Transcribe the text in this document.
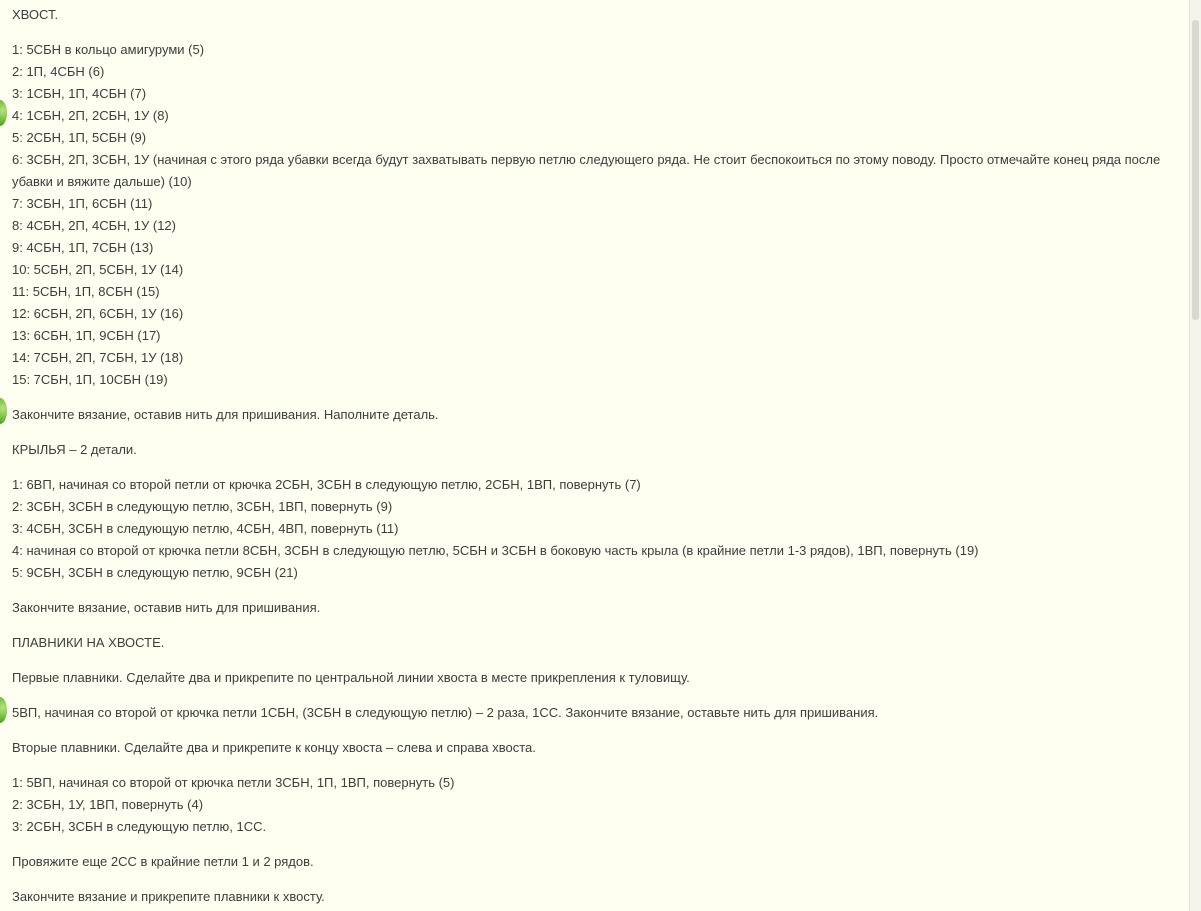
ХВОСТ.

1: 5СБН в кольцо амигуруми (5)

2: 1П, 4СБН (6)

3: 1СБН, 1П, 4СБН (7)

4: 1СБН, 2П, 2СБН, 1У (8)

5: 2СБН, 1П, 5СБН (9)

6: 3СБН, 2П, 3СБН, 1У (начиная с этого ряда убавки всегда будут захватывать первую петлю следующего ряда. Не стоит беспокоиться по этому поводу. Просто отмечайте конец ряда после убавки и вяжите дальше) (10)

7: 3СБН, 1П, 6СБН (11)

8: 4СБН, 2П, 4СБН, 1У (12)

9: 4СБН, 1П, 7СБН (13)

10: 5СБН, 2П, 5СБН, 1У (14)

11: 5СБН, 1П, 8СБН (15)

12: 6СБН, 2П, 6СБН, 1У (16)

13: 6СБН, 1П, 9СБН (17)

14: 7СБН, 2П, 7СБН, 1У (18)

15: 7СБН, 1П, 10СБН (19)

Закончите вязание, оставив нить для пришивания. Наполните деталь.

КРЫЛЬЯ – 2 детали.

1: 6ВП, начиная со второй петли от крючка 2СБН, 3СБН в следующую петлю, 2СБН, 1ВП, повернуть (7)

2: 3СБН, 3СБН в следующую петлю, 3СБН, 1ВП, повернуть (9)

3: 4СБН, 3СБН в следующую петлю, 4СБН, 4ВП, повернуть (11)

4: начиная со второй от крючка петли 8СБН, 3СБН в следующую петлю, 5СБН и 3СБН в боковую часть крыла (в крайние петли 1-3 рядов), 1ВП, повернуть (19)

5: 9СБН, 3СБН в следующую петлю, 9СБН (21)

Закончите вязание, оставив нить для пришивания.

ПЛАВНИКИ НА ХВОСТЕ.

Первые плавники. Сделайте два и прикрепите по центральной линии хвоста в месте прикрепления к туловищу.

5ВП, начиная со второй от крючка петли 1СБН, (3СБН в следующую петлю) – 2 раза, 1СС. Закончите вязание, оставьте нить для пришивания.

Вторые плавники. Сделайте два и прикрепите к концу хвоста – слева и справа хвоста.

1: 5ВП, начиная со второй от крючка петли 3СБН, 1П, 1ВП, повернуть (5)

2: 3СБН, 1У, 1ВП, повернуть (4)

3: 2СБН, 3СБН в следующую петлю, 1СС.

Провяжите еще 2СС в крайние петли 1 и 2 рядов.

Закончите вязание и прикрепите плавники к хвосту.
